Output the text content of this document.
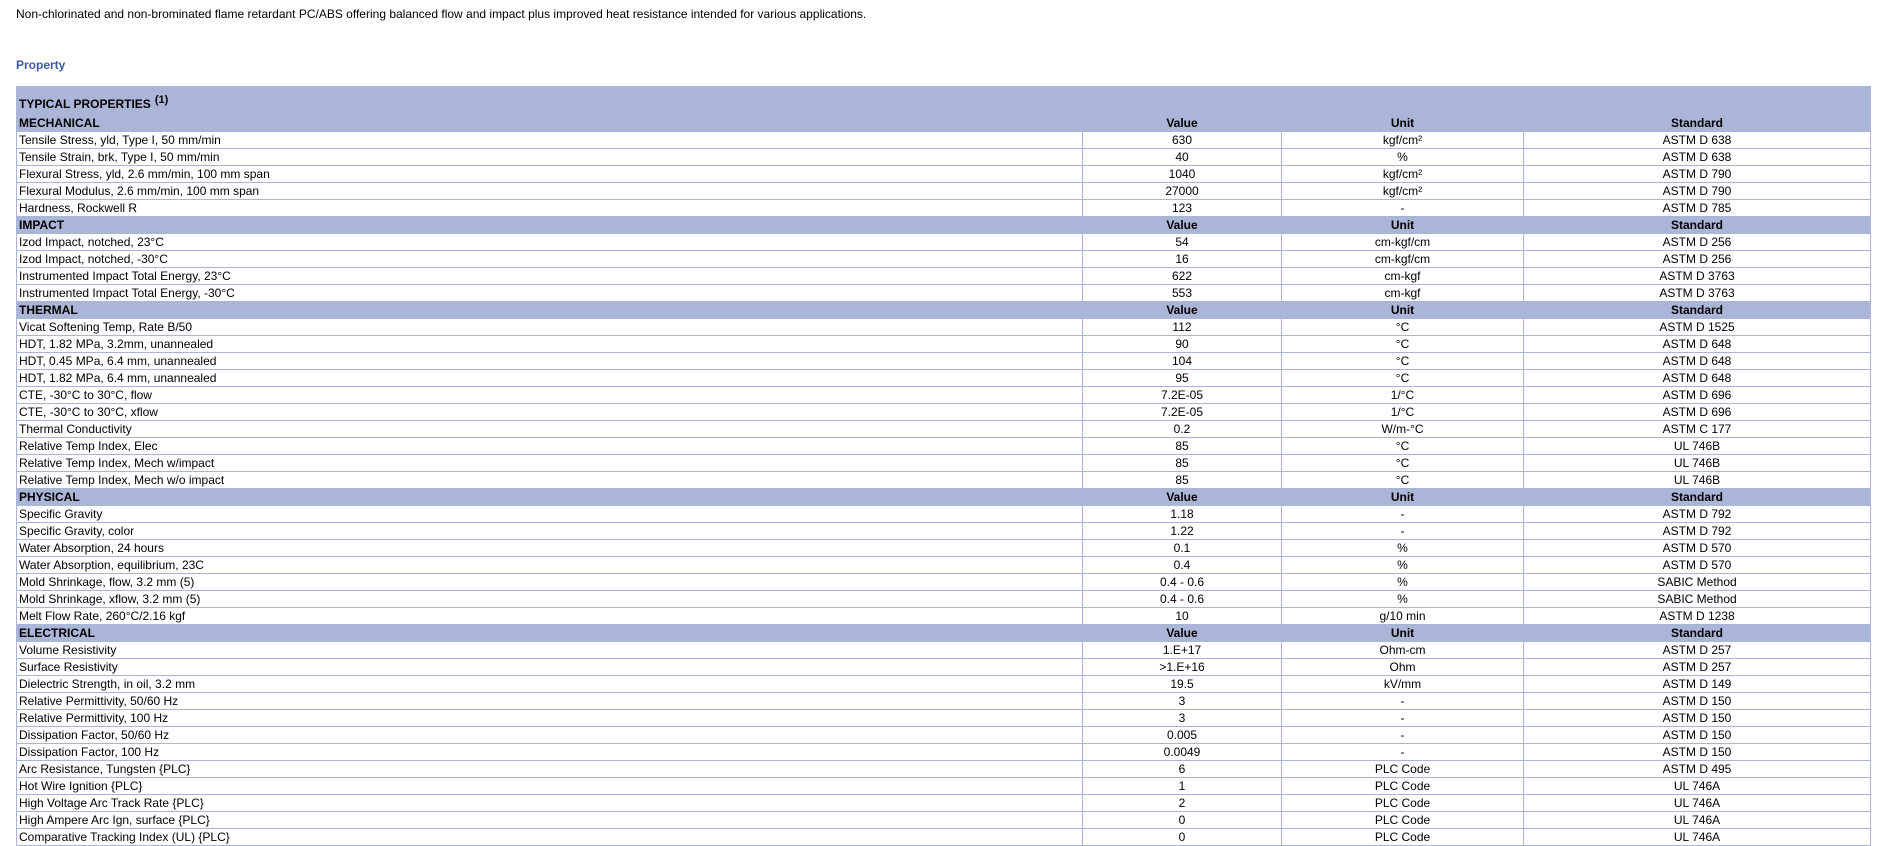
Non-chlorinated and non-brominated flame retardant PC/ABS offering balanced flow and impact plus improved heat resistance intended for various applications.
Property
TYPICAL PROPERTIES $^{(1)}$
MECHANICAL	Value	Unit	Standard
Tensile Stress, yld, Type I, 50 mm/min	630	kgf/cm²	ASTM D 638
Tensile Strain, brk, Type I, 50 mm/min	40	%	ASTM D 638
Flexural Stress, yld, 2.6 mm/min, 100 mm span	1040	kgf/cm²	ASTM D 790
Flexural Modulus, 2.6 mm/min, 100 mm span	27000	kgf/cm²	ASTM D 790
Hardness, Rockwell R	123	-	ASTM D 785
IMPACT	Value	Unit	Standard
Izod Impact, notched, 23°C	54	cm-kgf/cm	ASTM D 256
Izod Impact, notched, -30°C	16	cm-kgf/cm	ASTM D 256
Instrumented Impact Total Energy, 23°C	622	cm-kgf	ASTM D 3763
Instrumented Impact Total Energy, -30°C	553	cm-kgf	ASTM D 3763
THERMAL	Value	Unit	Standard
Vicat Softening Temp, Rate B/50	112	°C	ASTM D 1525
HDT, 1.82 MPa, 3.2mm, unannealed	90	°C	ASTM D 648
HDT, 0.45 MPa, 6.4 mm, unannealed	104	°C	ASTM D 648
HDT, 1.82 MPa, 6.4 mm, unannealed	95	°C	ASTM D 648
CTE, -30°C to 30°C, flow	7.2E-05	1/°C	ASTM D 696
CTE, -30°C to 30°C, xflow	7.2E-05	1/°C	ASTM D 696
Thermal Conductivity	0.2	W/m-°C	ASTM C 177
Relative Temp Index, Elec	85	°C	UL 746B
Relative Temp Index, Mech w/impact	85	°C	UL 746B
Relative Temp Index, Mech w/o impact	85	°C	UL 746B
PHYSICAL	Value	Unit	Standard
Specific Gravity	1.18	-	ASTM D 792
Specific Gravity, color	1.22	-	ASTM D 792
Water Absorption, 24 hours	0.1	%	ASTM D 570
Water Absorption, equilibrium, 23C	0.4	%	ASTM D 570
Mold Shrinkage, flow, 3.2 mm (5)	0.4 - 0.6	%	SABIC Method
Mold Shrinkage, xflow, 3.2 mm (5)	0.4 - 0.6	%	SABIC Method
Melt Flow Rate, 260°C/2.16 kgf	10	g/10 min	ASTM D 1238
ELECTRICAL	Value	Unit	Standard
Volume Resistivity	1.E+17	Ohm-cm	ASTM D 257
Surface Resistivity	>1.E+16	Ohm	ASTM D 257
Dielectric Strength, in oil, 3.2 mm	19.5	kV/mm	ASTM D 149
Relative Permittivity, 50/60 Hz	3	-	ASTM D 150
Relative Permittivity, 100 Hz	3	-	ASTM D 150
Dissipation Factor, 50/60 Hz	0.005	-	ASTM D 150
Dissipation Factor, 100 Hz	0.0049	-	ASTM D 150
Arc Resistance, Tungsten {PLC}	6	PLC Code	ASTM D 495
Hot Wire Ignition {PLC}	1	PLC Code	UL 746A
High Voltage Arc Track Rate {PLC}	2	PLC Code	UL 746A
High Ampere Arc Ign, surface {PLC}	0	PLC Code	UL 746A
Comparative Tracking Index (UL) {PLC}	0	PLC Code	UL 746A
